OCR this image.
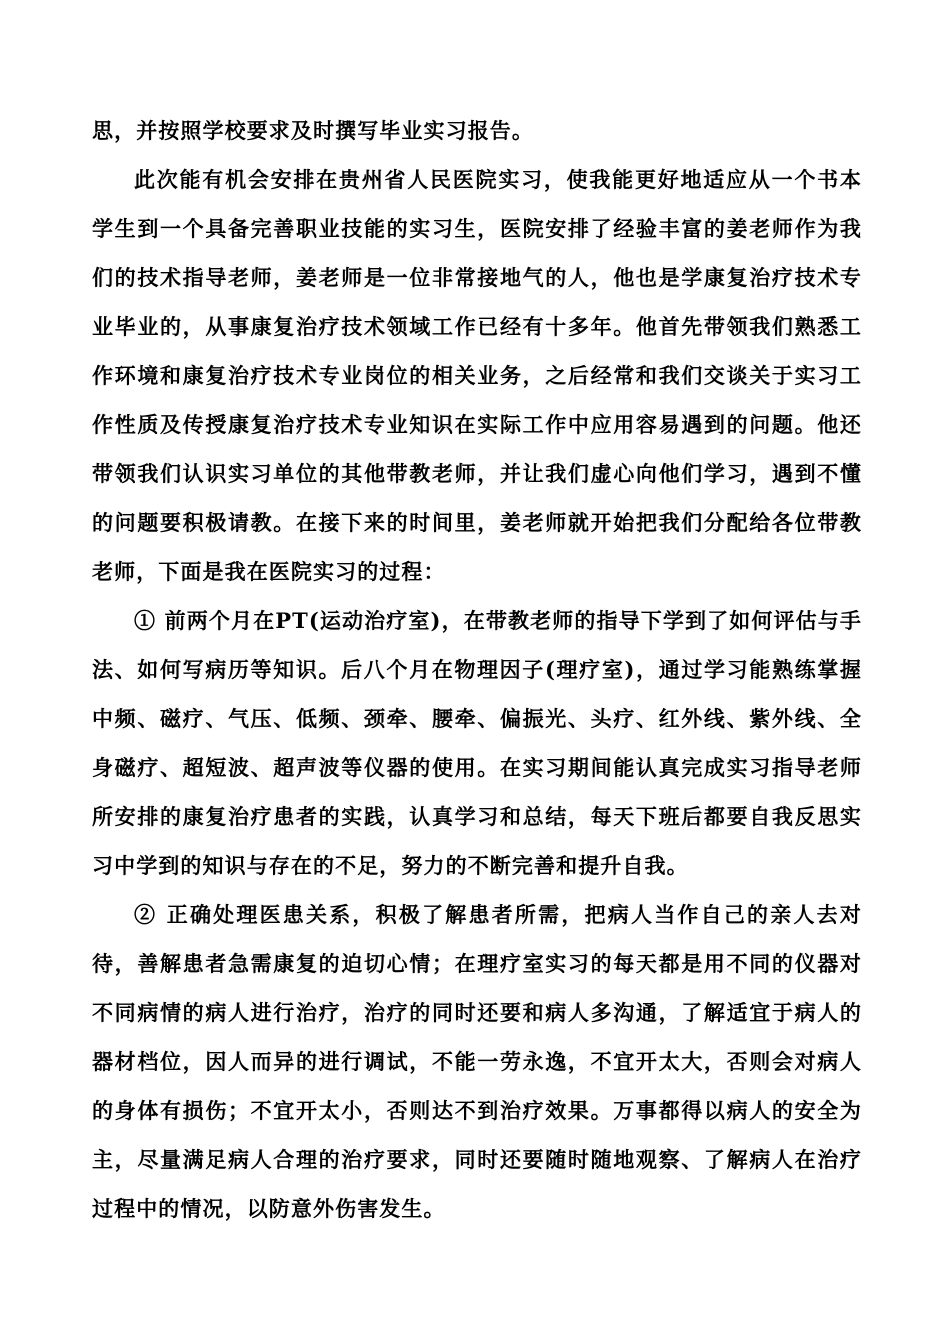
思，并按照学校要求及时撰写毕业实习报告。

此次能有机会安排在贵州省人民医院实习，使我能更好地适应从一个书本学生到一个具备完善职业技能的实习生，医院安排了经验丰富的姜老师作为我们的技术指导老师，姜老师是一位非常接地气的人，他也是学康复治疗技术专业毕业的，从事康复治疗技术领域工作已经有十多年。他首先带领我们熟悉工作环境和康复治疗技术专业岗位的相关业务，之后经常和我们交谈关于实习工作性质及传授康复治疗技术专业知识在实际工作中应用容易遇到的问题。他还带领我们认识实习单位的其他带教老师，并让我们虚心向他们学习，遇到不懂的问题要积极请教。在接下来的时间里，姜老师就开始把我们分配给各位带教老师，下面是我在医院实习的过程：

① 前两个月在PT(运动治疗室)，在带教老师的指导下学到了如何评估与手法、如何写病历等知识。后八个月在物理因子(理疗室)，通过学习能熟练掌握中频、磁疗、气压、低频、颈牵、腰牵、偏振光、头疗、红外线、紫外线、全身磁疗、超短波、超声波等仪器的使用。在实习期间能认真完成实习指导老师所安排的康复治疗患者的实践，认真学习和总结，每天下班后都要自我反思实习中学到的知识与存在的不足，努力的不断完善和提升自我。

② 正确处理医患关系，积极了解患者所需，把病人当作自己的亲人去对待，善解患者急需康复的迫切心情；在理疗室实习的每天都是用不同的仪器对不同病情的病人进行治疗，治疗的同时还要和病人多沟通，了解适宜于病人的器材档位，因人而异的进行调试，不能一劳永逸，不宜开太大，否则会对病人的身体有损伤；不宜开太小，否则达不到治疗效果。万事都得以病人的安全为主，尽量满足病人合理的治疗要求，同时还要随时随地观察、了解病人在治疗过程中的情况，以防意外伤害发生。
